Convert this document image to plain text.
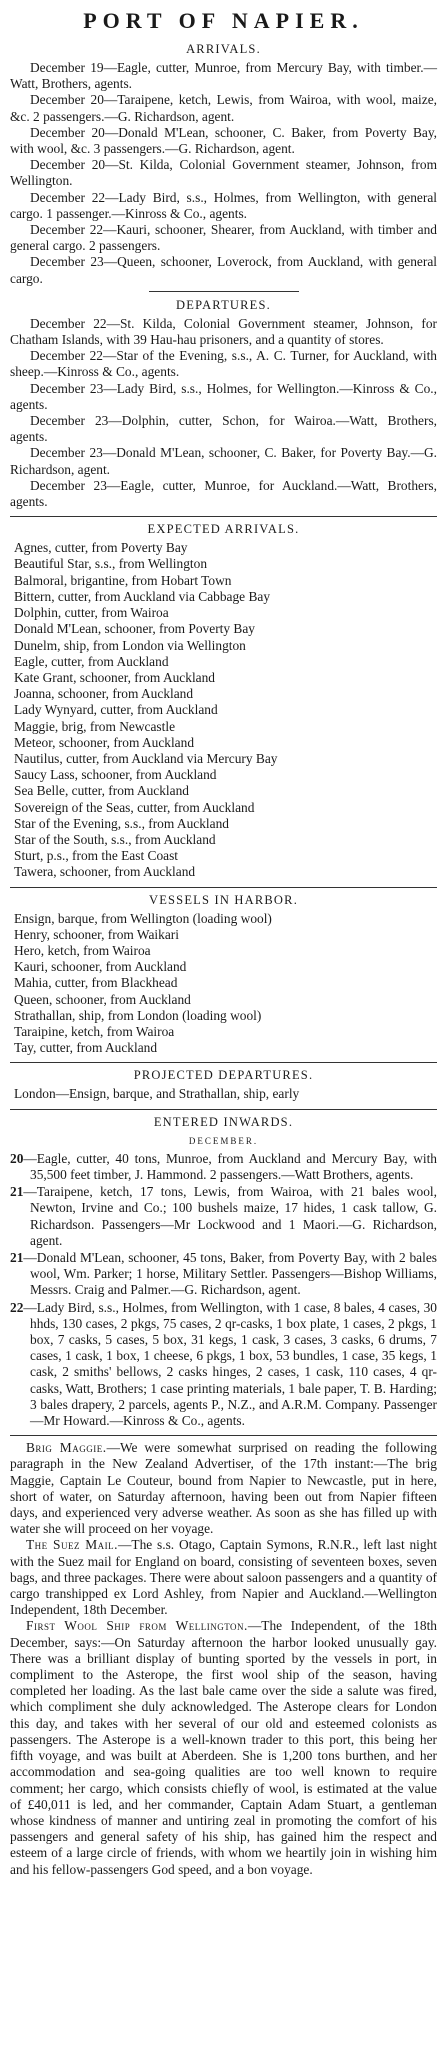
PORT OF NAPIER.
ARRIVALS.

December 19—Eagle, cutter, Munroe, from Mercury Bay, with timber.—Watt, Brothers, agents.

December 20—Taraipene, ketch, Lewis, from Wairoa, with wool, maize, &c. 2 passengers.—G. Richardson, agent.

December 20—Donald M'Lean, schooner, C. Baker, from Poverty Bay, with wool, &c. 3 passengers.—G. Richardson, agent.

December 20—St. Kilda, Colonial Government steamer, Johnson, from Wellington.

December 22—Lady Bird, s.s., Holmes, from Wellington, with general cargo. 1 passenger.—Kinross & Co., agents.

December 22—Kauri, schooner, Shearer, from Auckland, with timber and general cargo. 2 passengers.

December 23—Queen, schooner, Loverock, from Auckland, with general cargo.

DEPARTURES.

December 22—St. Kilda, Colonial Government steamer, Johnson, for Chatham Islands, with 39 Hau-hau prisoners, and a quantity of stores.

December 22—Star of the Evening, s.s., A. C. Turner, for Auckland, with sheep.—Kinross & Co., agents.

December 23—Lady Bird, s.s., Holmes, for Wellington.—Kinross & Co., agents.

December 23—Dolphin, cutter, Schon, for Wairoa.—Watt, Brothers, agents.

December 23—Donald M'Lean, schooner, C. Baker, for Poverty Bay.—G. Richardson, agent.

December 23—Eagle, cutter, Munroe, for Auckland.—Watt, Brothers, agents.

EXPECTED ARRIVALS.

Agnes, cutter, from Poverty Bay

Beautiful Star, s.s., from Wellington

Balmoral, brigantine, from Hobart Town

Bittern, cutter, from Auckland via Cabbage Bay

Dolphin, cutter, from Wairoa

Donald M'Lean, schooner, from Poverty Bay

Dunelm, ship, from London via Wellington

Eagle, cutter, from Auckland

Kate Grant, schooner, from Auckland

Joanna, schooner, from Auckland

Lady Wynyard, cutter, from Auckland

Maggie, brig, from Newcastle

Meteor, schooner, from Auckland

Nautilus, cutter, from Auckland via Mercury Bay

Saucy Lass, schooner, from Auckland

Sea Belle, cutter, from Auckland

Sovereign of the Seas, cutter, from Auckland

Star of the Evening, s.s., from Auckland

Star of the South, s.s., from Auckland

Sturt, p.s., from the East Coast

Tawera, schooner, from Auckland

VESSELS IN HARBOR.

Ensign, barque, from Wellington (loading wool)

Henry, schooner, from Waikari

Hero, ketch, from Wairoa

Kauri, schooner, from Auckland

Mahia, cutter, from Blackhead

Queen, schooner, from Auckland

Strathallan, ship, from London (loading wool)

Taraipine, ketch, from Wairoa

Tay, cutter, from Auckland

PROJECTED DEPARTURES.

London—Ensign, barque, and Strathallan, ship, early

ENTERED INWARDS.
DECEMBER.

20—Eagle, cutter, 40 tons, Munroe, from Auckland and Mercury Bay, with 35,500 feet timber, J. Hammond. 2 passengers.—Watt Brothers, agents.

21—Taraipene, ketch, 17 tons, Lewis, from Wairoa, with 21 bales wool, Newton, Irvine and Co.; 100 bushels maize, 17 hides, 1 cask tallow, G. Richardson. Passengers—Mr Lockwood and 1 Maori.—G. Richardson, agent.

21—Donald M'Lean, schooner, 45 tons, Baker, from Poverty Bay, with 2 bales wool, Wm. Parker; 1 horse, Military Settler. Passengers—Bishop Williams, Messrs. Craig and Palmer.—G. Richardson, agent.

22—Lady Bird, s.s., Holmes, from Wellington, with 1 case, 8 bales, 4 cases, 30 hhds, 130 cases, 2 pkgs, 75 cases, 2 qr-casks, 1 box plate, 1 cases, 2 pkgs, 1 box, 7 casks, 5 cases, 5 box, 31 kegs, 1 cask, 3 cases, 3 casks, 6 drums, 7 cases, 1 cask, 1 box, 1 cheese, 6 pkgs, 1 box, 53 bundles, 1 case, 35 kegs, 1 cask, 2 smiths' bellows, 2 casks hinges, 2 cases, 1 cask, 110 cases, 4 qr-casks, Watt, Brothers; 1 case printing materials, 1 bale paper, T. B. Harding; 3 bales drapery, 2 parcels, agents P., N.Z., and A.R.M. Company. Passenger—Mr Howard.—Kinross & Co., agents.

Brig Maggie.—We were somewhat surprised on reading the following paragraph in the New Zealand Advertiser, of the 17th instant:—The brig Maggie, Captain Le Couteur, bound from Napier to Newcastle, put in here, short of water, on Saturday afternoon, having been out from Napier fifteen days, and experienced very adverse weather. As soon as she has filled up with water she will proceed on her voyage.

The Suez Mail.—The s.s. Otago, Captain Symons, R.N.R., left last night with the Suez mail for England on board, consisting of seventeen boxes, seven bags, and three packages. There were about saloon passengers and a quantity of cargo transhipped ex Lord Ashley, from Napier and Auckland.—Wellington Independent, 18th December.

First Wool Ship from Wellington.—The Independent, of the 18th December, says:—On Saturday afternoon the harbor looked unusually gay. There was a brilliant display of bunting sported by the vessels in port, in compliment to the Asterope, the first wool ship of the season, having completed her loading. As the last bale came over the side a salute was fired, which compliment she duly acknowledged. The Asterope clears for London this day, and takes with her several of our old and esteemed colonists as passengers. The Asterope is a well-known trader to this port, this being her fifth voyage, and was built at Aberdeen. She is 1,200 tons burthen, and her accommodation and sea-going qualities are too well known to require comment; her cargo, which consists chiefly of wool, is estimated at the value of £40,011 is led, and her commander, Captain Adam Stuart, a gentleman whose kindness of manner and untiring zeal in promoting the comfort of his passengers and general safety of his ship, has gained him the respect and esteem of a large circle of friends, with whom we heartily join in wishing him and his fellow-passengers God speed, and a bon voyage.
